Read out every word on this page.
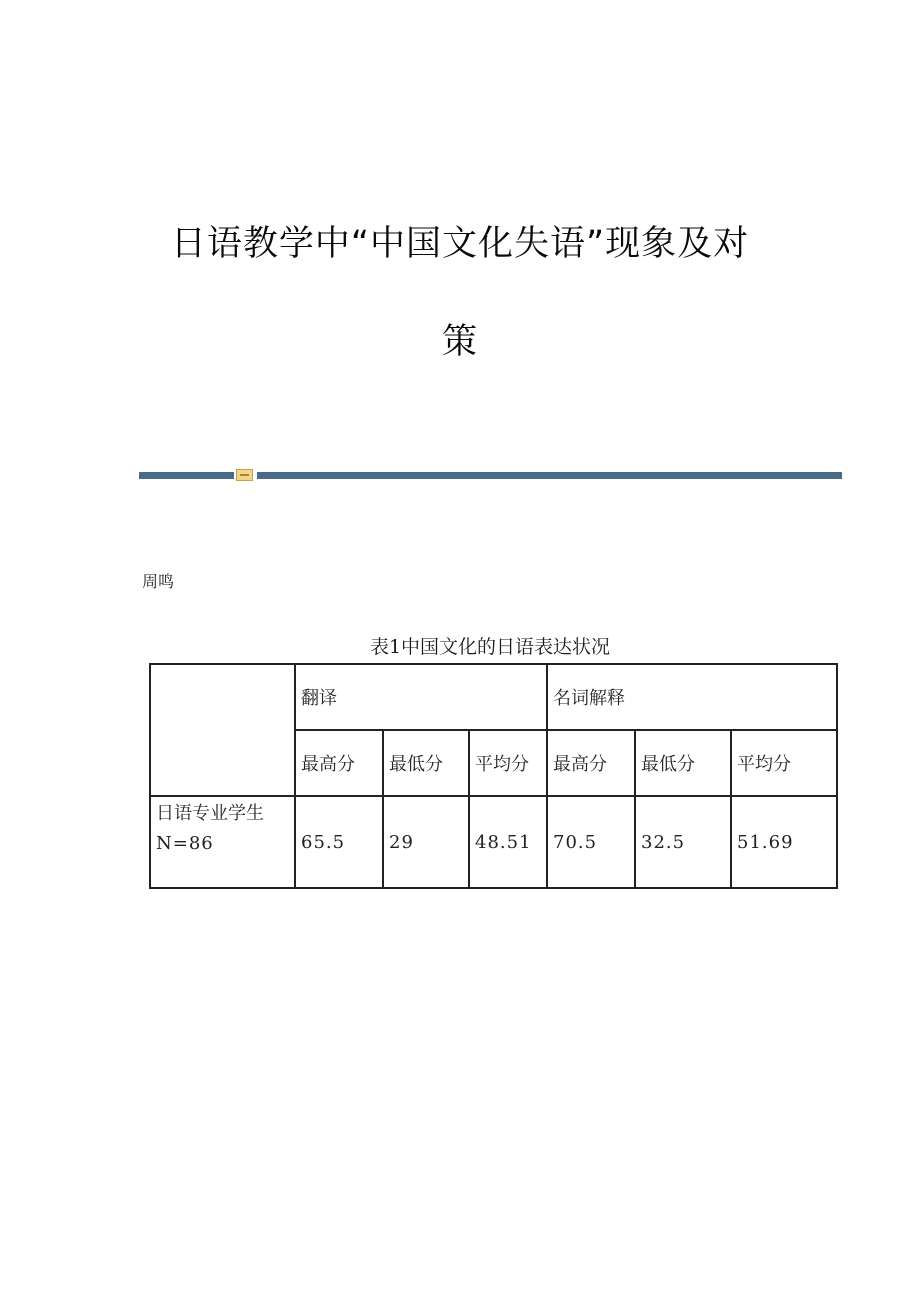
日语教学中“中国文化失语”现象及对
策
周鸣
表1中国文化的日语表达状况
	翻译			名词解释		
	最高分	最低分	平均分	最高分	最低分	平均分

日语专业学生
N=86	65.5	29	48.51	70.5	32.5	51.69
